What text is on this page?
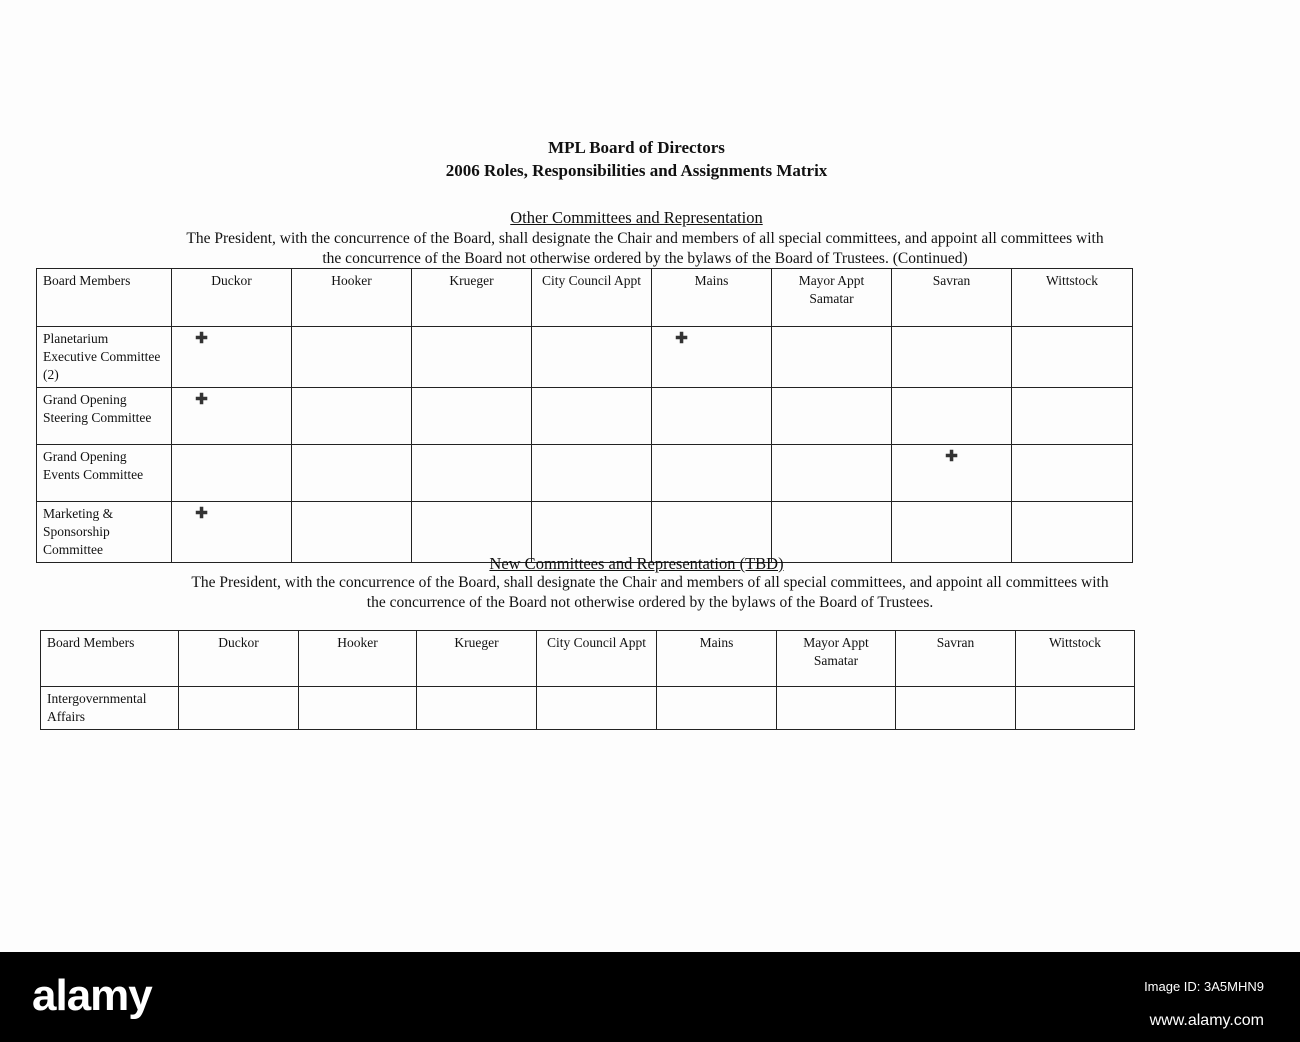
MPL Board of Directors
2006 Roles, Responsibilities and Assignments Matrix
Other Committees and Representation
The President, with the concurrence of the Board, shall designate the Chair and members of all special committees, and appoint all committees with
the concurrence of the Board not otherwise ordered by the bylaws of the Board of Trustees. (Continued)
Board Members	Duckor	Hooker	Krueger	City Council Appt	Mains	Mayor Appt Samatar	Savran	Wittstock
Planetarium Executive Committee (2)	✚				✚			

Grand Opening Steering Committee	✚							

Grand Opening Events Committee							✚	

Marketing & Sponsorship Committee	✚							

New Committees and Representation (TBD)
The President, with the concurrence of the Board, shall designate the Chair and members of all special committees, and appoint all committees with
the concurrence of the Board not otherwise ordered by the bylaws of the Board of Trustees.
Board Members	Duckor	Hooker	Krueger	City Council Appt	Mains	Mayor Appt Samatar	Savran	Wittstock
Intergovernmental Affairs								
alamy	Image ID: 3A5MHN9
www.alamy.com
